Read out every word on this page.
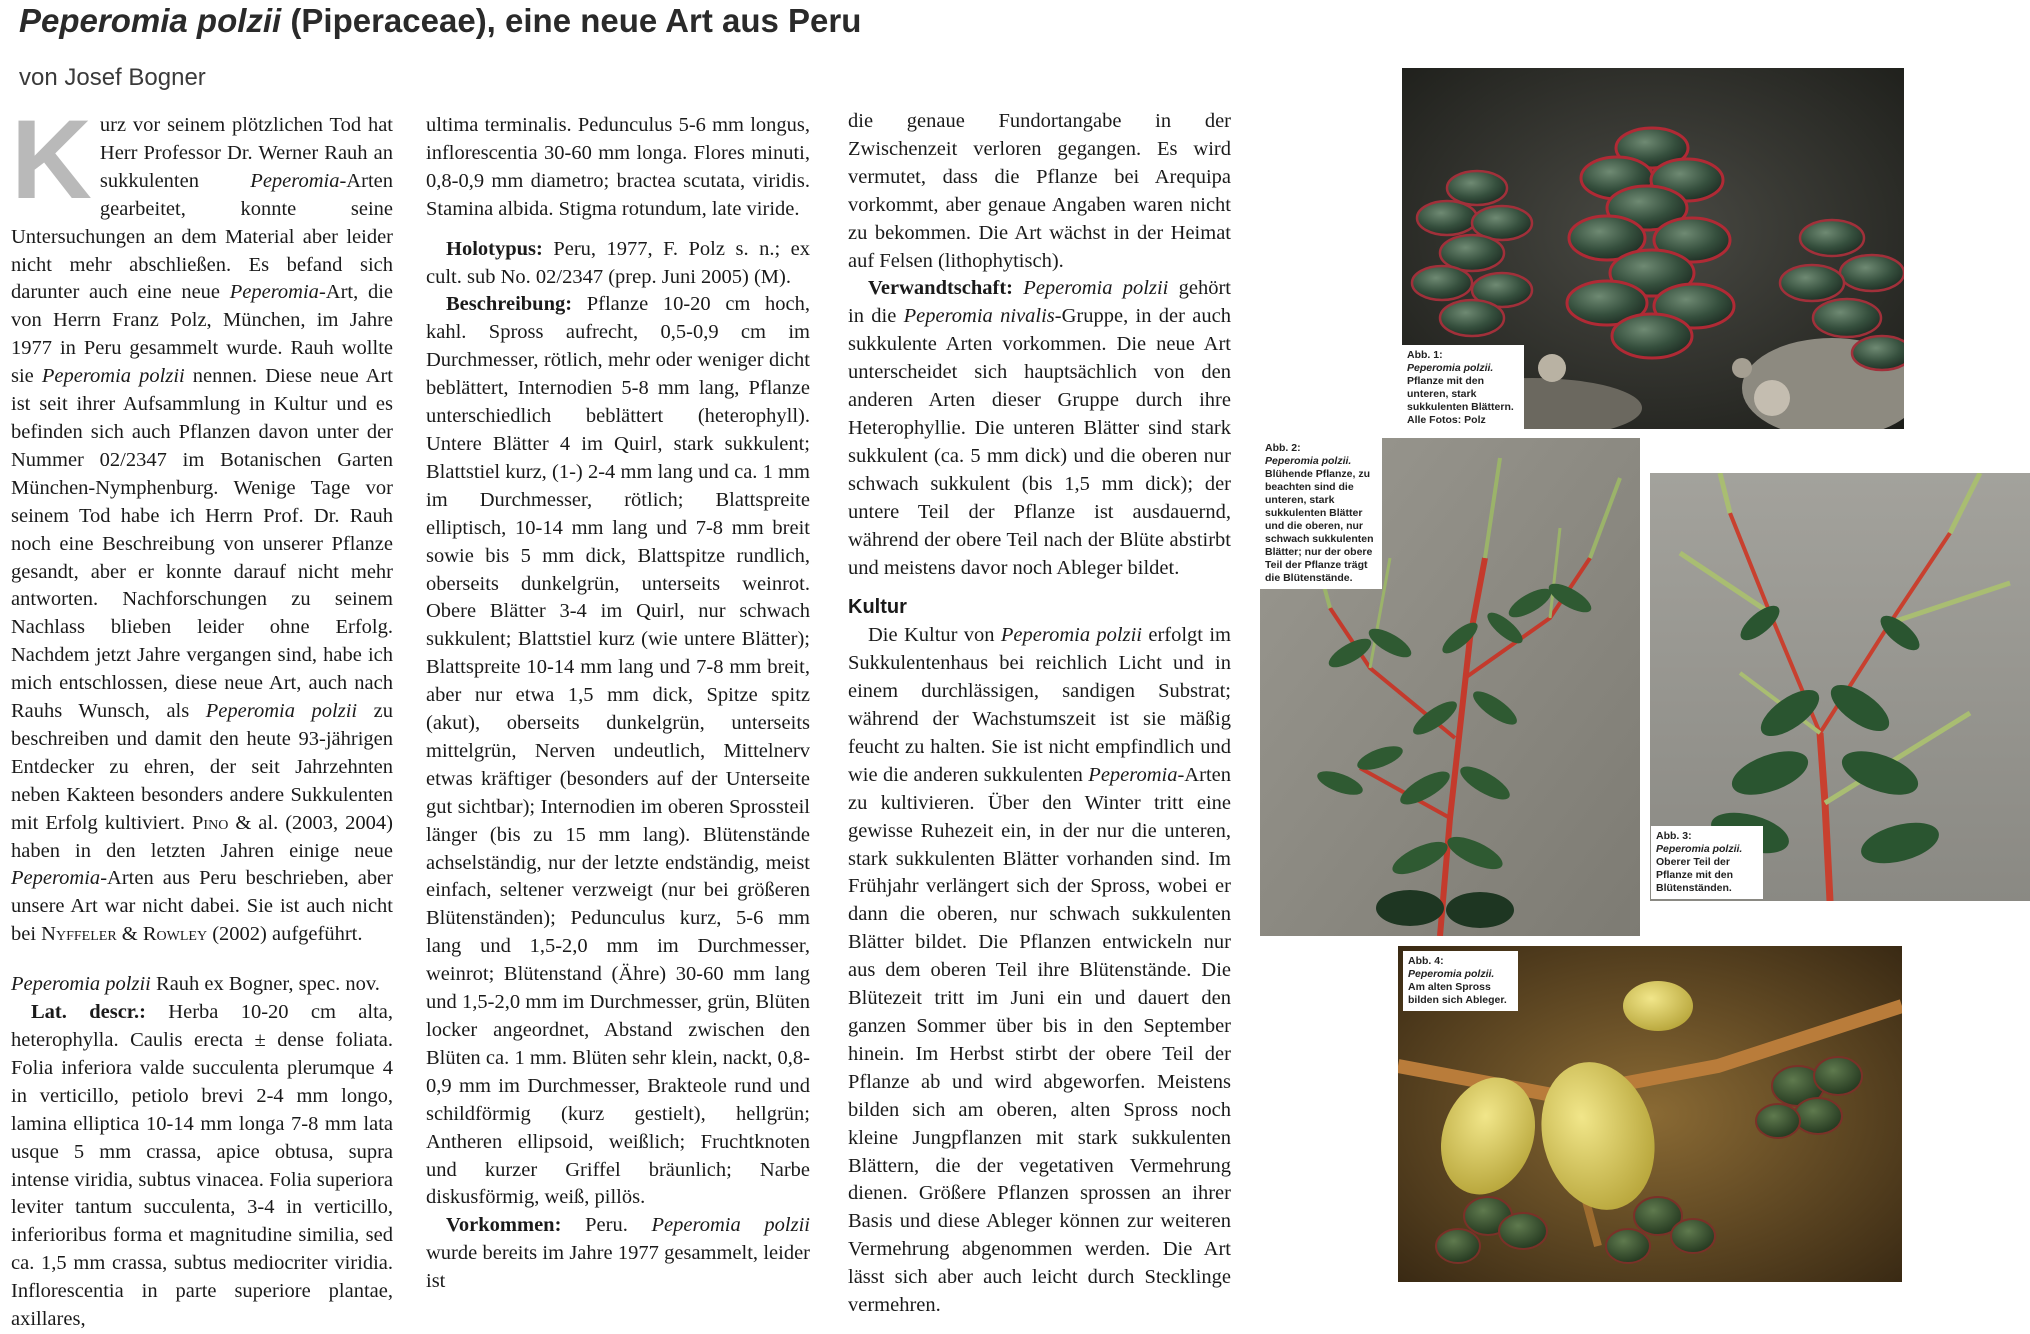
Peperomia polzii (Piperaceae), eine neue Art aus Peru
von Josef Bogner

Kurz vor seinem plötzlichen Tod hat Herr Professor Dr. Werner Rauh an sukkulenten Peperomia-Arten gearbeitet, konnte seine Untersuchungen an dem Material aber leider nicht mehr abschließen. Es befand sich darunter auch eine neue Peperomia-Art, die von Herrn Franz Polz, München, im Jahre 1977 in Peru gesammelt wurde. Rauh wollte sie Peperomia polzii nennen. Diese neue Art ist seit ihrer Aufsammlung in Kultur und es befinden sich auch Pflanzen davon unter der Nummer 02/2347 im Botanischen Garten München-Nymphenburg. Wenige Tage vor seinem Tod habe ich Herrn Prof. Dr. Rauh noch eine Beschreibung von unserer Pflanze gesandt, aber er konnte darauf nicht mehr antworten. Nachforschungen zu seinem Nachlass blieben leider ohne Erfolg. Nachdem jetzt Jahre vergangen sind, habe ich mich entschlossen, diese neue Art, auch nach Rauhs Wunsch, als Peperomia polzii zu beschreiben und damit den heute 93-jährigen Entdecker zu ehren, der seit Jahrzehnten neben Kakteen besonders andere Sukkulenten mit Erfolg kultiviert. Pino & al. (2003, 2004) haben in den letzten Jahren einige neue Peperomia-Arten aus Peru beschrieben, aber unsere Art war nicht dabei. Sie ist auch nicht bei Nyffeler & Rowley (2002) aufgeführt.

Peperomia polzii Rauh ex Bogner, spec. nov.

Lat. descr.: Herba 10-20 cm alta, heterophylla. Caulis erecta ± dense foliata. Folia inferiora valde succulenta plerumque 4 in verticillo, petiolo brevi 2-4 mm longo, lamina elliptica 10-14 mm longa 7-8 mm lata usque 5 mm crassa, apice obtusa, supra intense viridia, subtus vinacea. Folia superiora leviter tantum succulenta, 3-4 in verticillo, inferioribus forma et magnitudine similia, sed ca. 1,5 mm crassa, subtus mediocriter viridia. Inflorescentia in parte superiore plantae, axillares,

ultima terminalis. Pedunculus 5-6 mm longus, inflorescentia 30-60 mm longa. Flores minuti, 0,8-0,9 mm diametro; bractea scutata, viridis. Stamina albida. Stigma rotundum, late viride.

Holotypus: Peru, 1977, F. Polz s. n.; ex cult. sub No. 02/2347 (prep. Juni 2005) (M).

Beschreibung: Pflanze 10-20 cm hoch, kahl. Spross aufrecht, 0,5-0,9 cm im Durchmesser, rötlich, mehr oder weniger dicht beblättert, Internodien 5-8 mm lang, Pflanze unterschiedlich beblättert (heterophyll). Untere Blätter 4 im Quirl, stark sukkulent; Blattstiel kurz, (1-) 2-4 mm lang und ca. 1 mm im Durchmesser, rötlich; Blattspreite elliptisch, 10-14 mm lang und 7-8 mm breit sowie bis 5 mm dick, Blattspitze rundlich, oberseits dunkelgrün, unterseits weinrot. Obere Blätter 3-4 im Quirl, nur schwach sukkulent; Blattstiel kurz (wie untere Blätter); Blattspreite 10-14 mm lang und 7-8 mm breit, aber nur etwa 1,5 mm dick, Spitze spitz (akut), oberseits dunkelgrün, unterseits mittelgrün, Nerven undeutlich, Mittelnerv etwas kräftiger (besonders auf der Unterseite gut sichtbar); Internodien im oberen Sprossteil länger (bis zu 15 mm lang). Blütenstände achselständig, nur der letzte endständig, meist einfach, seltener verzweigt (nur bei größeren Blütenständen); Pedunculus kurz, 5-6 mm lang und 1,5-2,0 mm im Durchmesser, weinrot; Blütenstand (Ähre) 30-60 mm lang und 1,5-2,0 mm im Durchmesser, grün, Blüten locker angeordnet, Abstand zwischen den Blüten ca. 1 mm. Blüten sehr klein, nackt, 0,8-0,9 mm im Durchmesser, Brakteole rund und schildförmig (kurz gestielt), hellgrün; Antheren ellipsoid, weißlich; Fruchtknoten und kurzer Griffel bräunlich; Narbe diskusförmig, weiß, pillös.

Vorkommen: Peru. Peperomia polzii wurde bereits im Jahre 1977 gesammelt, leider ist

die genaue Fundortangabe in der Zwischenzeit verloren gegangen. Es wird vermutet, dass die Pflanze bei Arequipa vorkommt, aber genaue Angaben waren nicht zu bekommen. Die Art wächst in der Heimat auf Felsen (lithophytisch).

Verwandtschaft: Peperomia polzii gehört in die Peperomia nivalis-Gruppe, in der auch sukkulente Arten vorkommen. Die neue Art unterscheidet sich hauptsächlich von den anderen Arten dieser Gruppe durch ihre Heterophyllie. Die unteren Blätter sind stark sukkulent (ca. 5 mm dick) und die oberen nur schwach sukkulent (bis 1,5 mm dick); der untere Teil der Pflanze ist ausdauernd, während der obere Teil nach der Blüte abstirbt und meistens davor noch Ableger bildet.

Kultur

Die Kultur von Peperomia polzii erfolgt im Sukkulentenhaus bei reichlich Licht und in einem durchlässigen, sandigen Substrat; während der Wachstumszeit ist sie mäßig feucht zu halten. Sie ist nicht empfindlich und wie die anderen sukkulenten Peperomia-Arten zu kultivieren. Über den Winter tritt eine gewisse Ruhezeit ein, in der nur die unteren, stark sukkulenten Blätter vorhanden sind. Im Frühjahr verlängert sich der Spross, wobei er dann die oberen, nur schwach sukkulenten Blätter bildet. Die Pflanzen entwickeln nur aus dem oberen Teil ihre Blütenstände. Die Blütezeit tritt im Juni ein und dauert den ganzen Sommer über bis in den September hinein. Im Herbst stirbt der obere Teil der Pflanze ab und wird abgeworfen. Meistens bilden sich am oberen, alten Spross noch kleine Jungpflanzen mit stark sukkulenten Blättern, die der vegetativen Vermehrung dienen. Größere Pflanzen sprossen an ihrer Basis und diese Ableger können zur weiteren Vermehrung abgenommen werden. Die Art lässt sich aber auch leicht durch Stecklinge vermehren.

Abb. 1:
Peperomia polzii.
Pflanze mit den unteren, stark sukkulenten Blättern. Alle Fotos: Polz
Abb. 2:
Peperomia polzii.
Blühende Pflanze, zu beachten sind die unteren, stark sukkulenten Blätter und die oberen, nur schwach sukkulenten Blätter; nur der obere Teil der Pflanze trägt die Blütenstände.
Abb. 3:
Peperomia polzii.
Oberer Teil der Pflanze mit den Blütenständen.
Abb. 4:
Peperomia polzii.
Am alten Spross bilden sich Ableger.
